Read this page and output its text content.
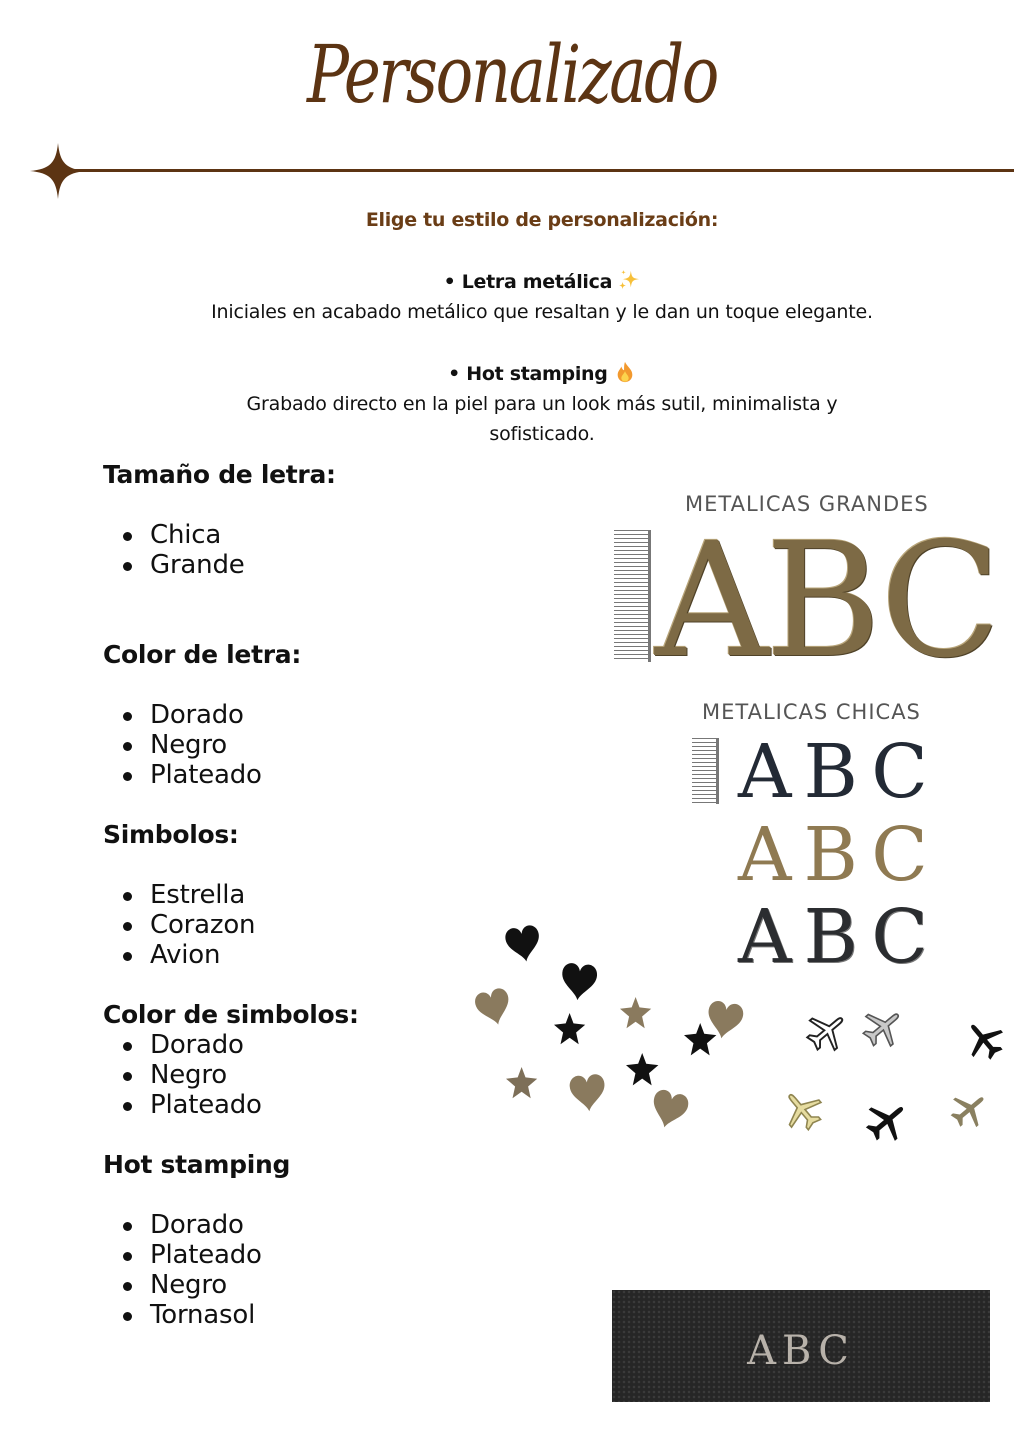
Personalizado
Elige tu estilo de personalización:
• Letra metálica
Iniciales en acabado metálico que resaltan y le dan un toque elegante.
• Hot stamping
Grabado directo en la piel para un look más sutil, minimalista y sofisticado.
Tamaño de letra:
Chica
Grande
Color de letra:
Dorado
Negro
Plateado
Simbolos:
Estrella
Corazon
Avion
Color de simbolos:
Dorado
Negro
Plateado
Hot stamping
Dorado
Plateado
Negro
Tornasol
METALICAS GRANDES
ABC
METALICAS CHICAS
ABC
ABC
ABC
ABC
